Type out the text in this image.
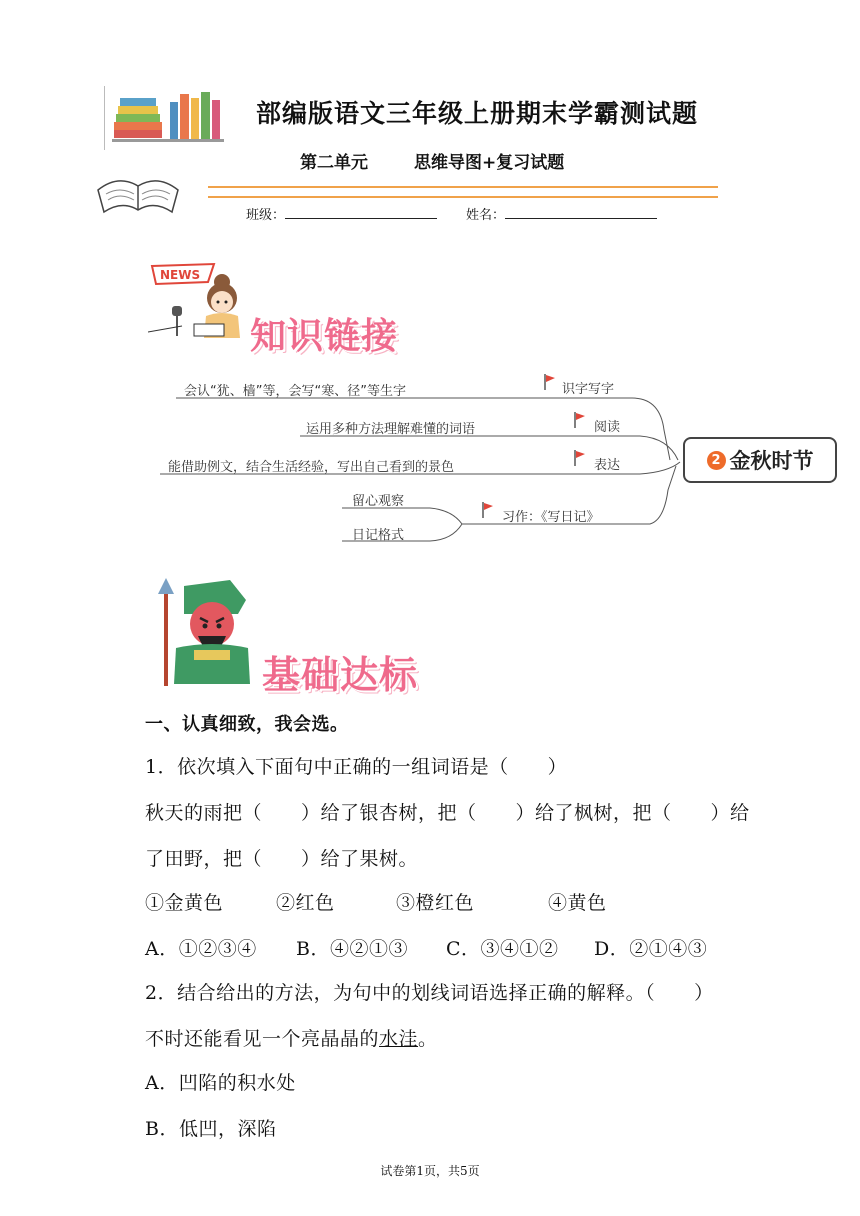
部编版语文三年级上册期末学霸测试题
第二单元	思维导图+复习试题
班级：	姓名：
NEWS
知识链接
会认“犹、樯”等，会写“寒、径”等生字	识字写字
运用多种方法理解难懂的词语	阅读
能借助例文，结合生活经验，写出自己看到的景色	表达
留心观察
日记格式
习作：《写日记》
2 金秋时节
基础达标
一、认真细致，我会选。
1．依次填入下面句中正确的一组词语是（　　）
秋天的雨把（　　）给了银杏树，把（　　）给了枫树，把（　　）给
了田野，把（　　）给了果树。
①金黄色	②红色	③橙红色	④黄色
A．①②③④ B．④②①③ C．③④①② D．②①④③
2．结合给出的方法，为句中的划线词语选择正确的解释。（　　）
不时还能看见一个亮晶晶的水洼。
A．凹陷的积水处
B．低凹，深陷
试卷第1页，共5页
